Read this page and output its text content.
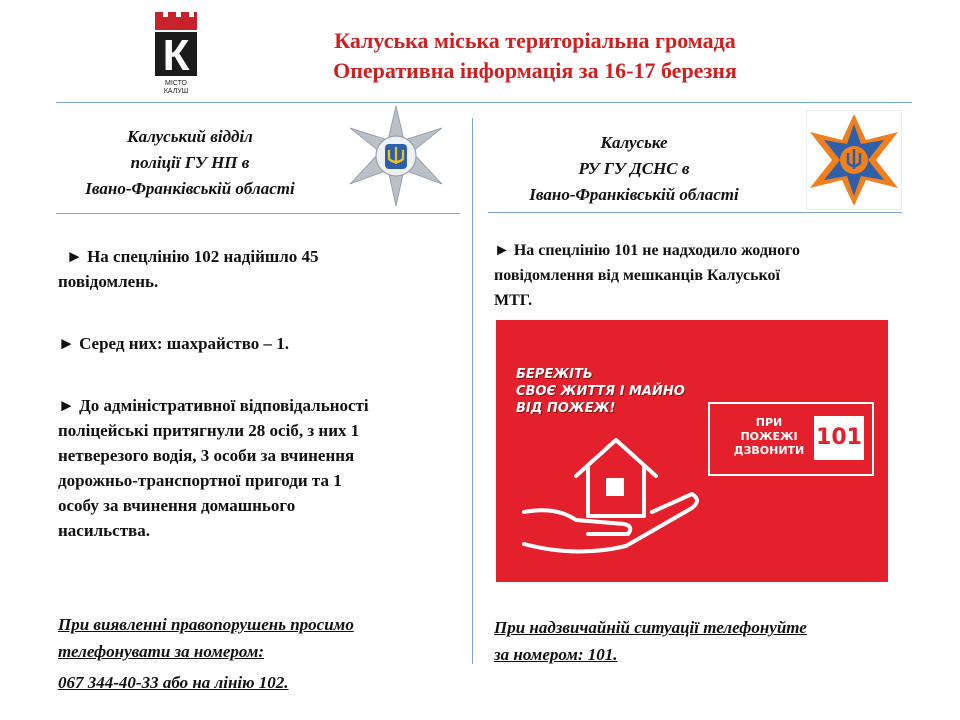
К
МІСТО
КАЛУШ
Калуська міська територіальна громада
Оперативна інформація за 16-17 березня
Калуський відділ
поліції ГУ НП в
Івано-Франківській області
Калуське
РУ ГУ ДСНС в
Івано-Франківській області
► На спецлінію 102 надійшло 45
повідомлень.
► Серед них: шахрайство – 1.
► До адміністративної відповідальності
поліцейські притягнули 28 осіб, з них 1
нетверезого водія, 3 особи за вчинення
дорожньо-транспортної пригоди та 1
особу за вчинення домашнього
насильства.
При виявленні правопорушень просимо
телефонувати за номером:
067 344-40-33 або на лінію 102.
► На спецлінію 101 не надходило жодного
повідомлення від мешканців Калуської
МТГ.
БЕРЕЖІТЬ
СВОЄ ЖИТТЯ І МАЙНО
ВІД ПОЖЕЖ!
ПРИ
ПОЖЕЖІ
ДЗВОНИТИ
101
При надзвичайній ситуації телефонуйте
за номером: 101.
